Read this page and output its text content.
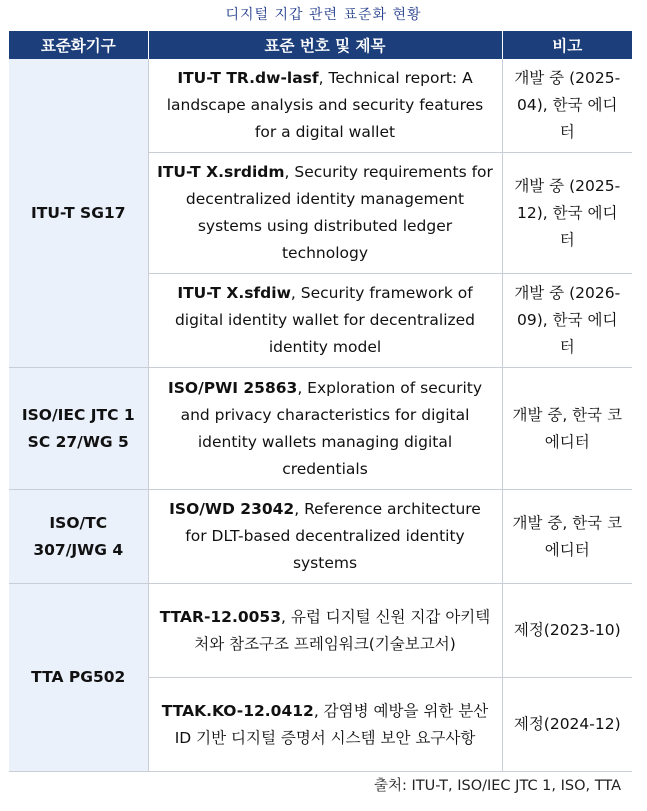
디지털 지갑 관련 표준화 현황
표준화기구	표준 번호 및 제목	비고
ITU-T SG17	ITU-T TR.dw-lasf, Technical report: A landscape analysis and security features for a digital wallet	개발 중 (2025-04), 한국 에디터
	ITU-T X.srdidm, Security requirements for decentralized identity management systems using distributed ledger technology	개발 중 (2025-12), 한국 에디터
	ITU-T X.sfdiw, Security framework of digital identity wallet for decentralized identity model	개발 중 (2026-09), 한국 에디터
ISO/IEC JTC 1 SC 27/WG 5	ISO/PWI 25863, Exploration of security and privacy characteristics for digital identity wallets managing digital credentials	개발 중, 한국 코에디터
ISO/TC 307/JWG 4	ISO/WD 23042, Reference architecture for DLT-based decentralized identity systems	개발 중, 한국 코에디터
TTA PG502	TTAR-12.0053, 유럽 디지털 신원 지갑 아키텍처와 참조구조 프레임워크(기술보고서)	제정(2023-10)
	TTAK.KO-12.0412, 감염병 예방을 위한 분산ID 기반 디지털 증명서 시스템 보안 요구사항	제정(2024-12)
출처: ITU-T, ISO/IEC JTC 1, ISO, TTA
